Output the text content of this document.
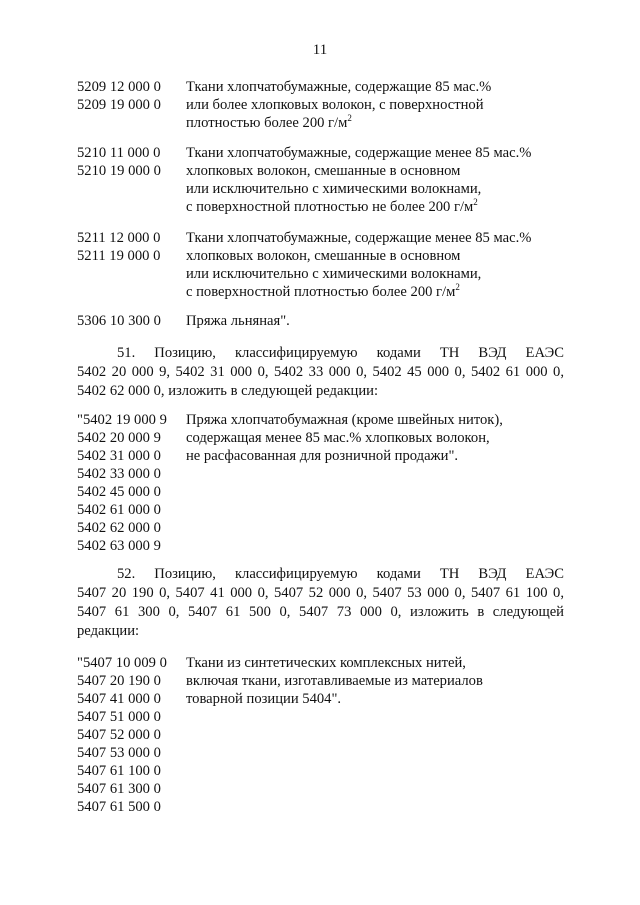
11
5209 12 000 0
5209 19 000 0
Ткани хлопчатобумажные, содержащие 85 мас.%
или более хлопковых волокон, с поверхностной
плотностью более 200 $г/м^2$
5210 11 000 0
5210 19 000 0
Ткани хлопчатобумажные, содержащие менее 85 мас.%
хлопковых волокон, смешанные в основном
или исключительно с химическими волокнами,
с поверхностной плотностью не более 200 $г/м^2$
5211 12 000 0
5211 19 000 0
Ткани хлопчатобумажные, содержащие менее 85 мас.%
хлопковых волокон, смешанные в основном
или исключительно с химическими волокнами,
с поверхностной плотностью более 200 $г/м^2$
5306 10 300 0	Пряжа льняная".
51. Позицию, классифицируемую кодами ТН ВЭД ЕАЭС
5402 20 000 9, 5402 31 000 0, 5402 33 000 0, 5402 45 000 0, 5402 61 000 0,
5402 62 000 0, изложить в следующей редакции:
"5402 19 000 9
5402 20 000 9
5402 31 000 0
5402 33 000 0
5402 45 000 0
5402 61 000 0
5402 62 000 0
5402 63 000 9
Пряжа хлопчатобумажная (кроме швейных ниток),
содержащая менее 85 мас.% хлопковых волокон,
не расфасованная для розничной продажи".
52. Позицию, классифицируемую кодами ТН ВЭД ЕАЭС
5407 20 190 0, 5407 41 000 0, 5407 52 000 0, 5407 53 000 0, 5407 61 100 0,
5407 61 300 0, 5407 61 500 0, 5407 73 000 0, изложить в следующей
редакции:
"5407 10 009 0
5407 20 190 0
5407 41 000 0
5407 51 000 0
5407 52 000 0
5407 53 000 0
5407 61 100 0
5407 61 300 0
5407 61 500 0
Ткани из синтетических комплексных нитей,
включая ткани, изготавливаемые из материалов
товарной позиции 5404".
